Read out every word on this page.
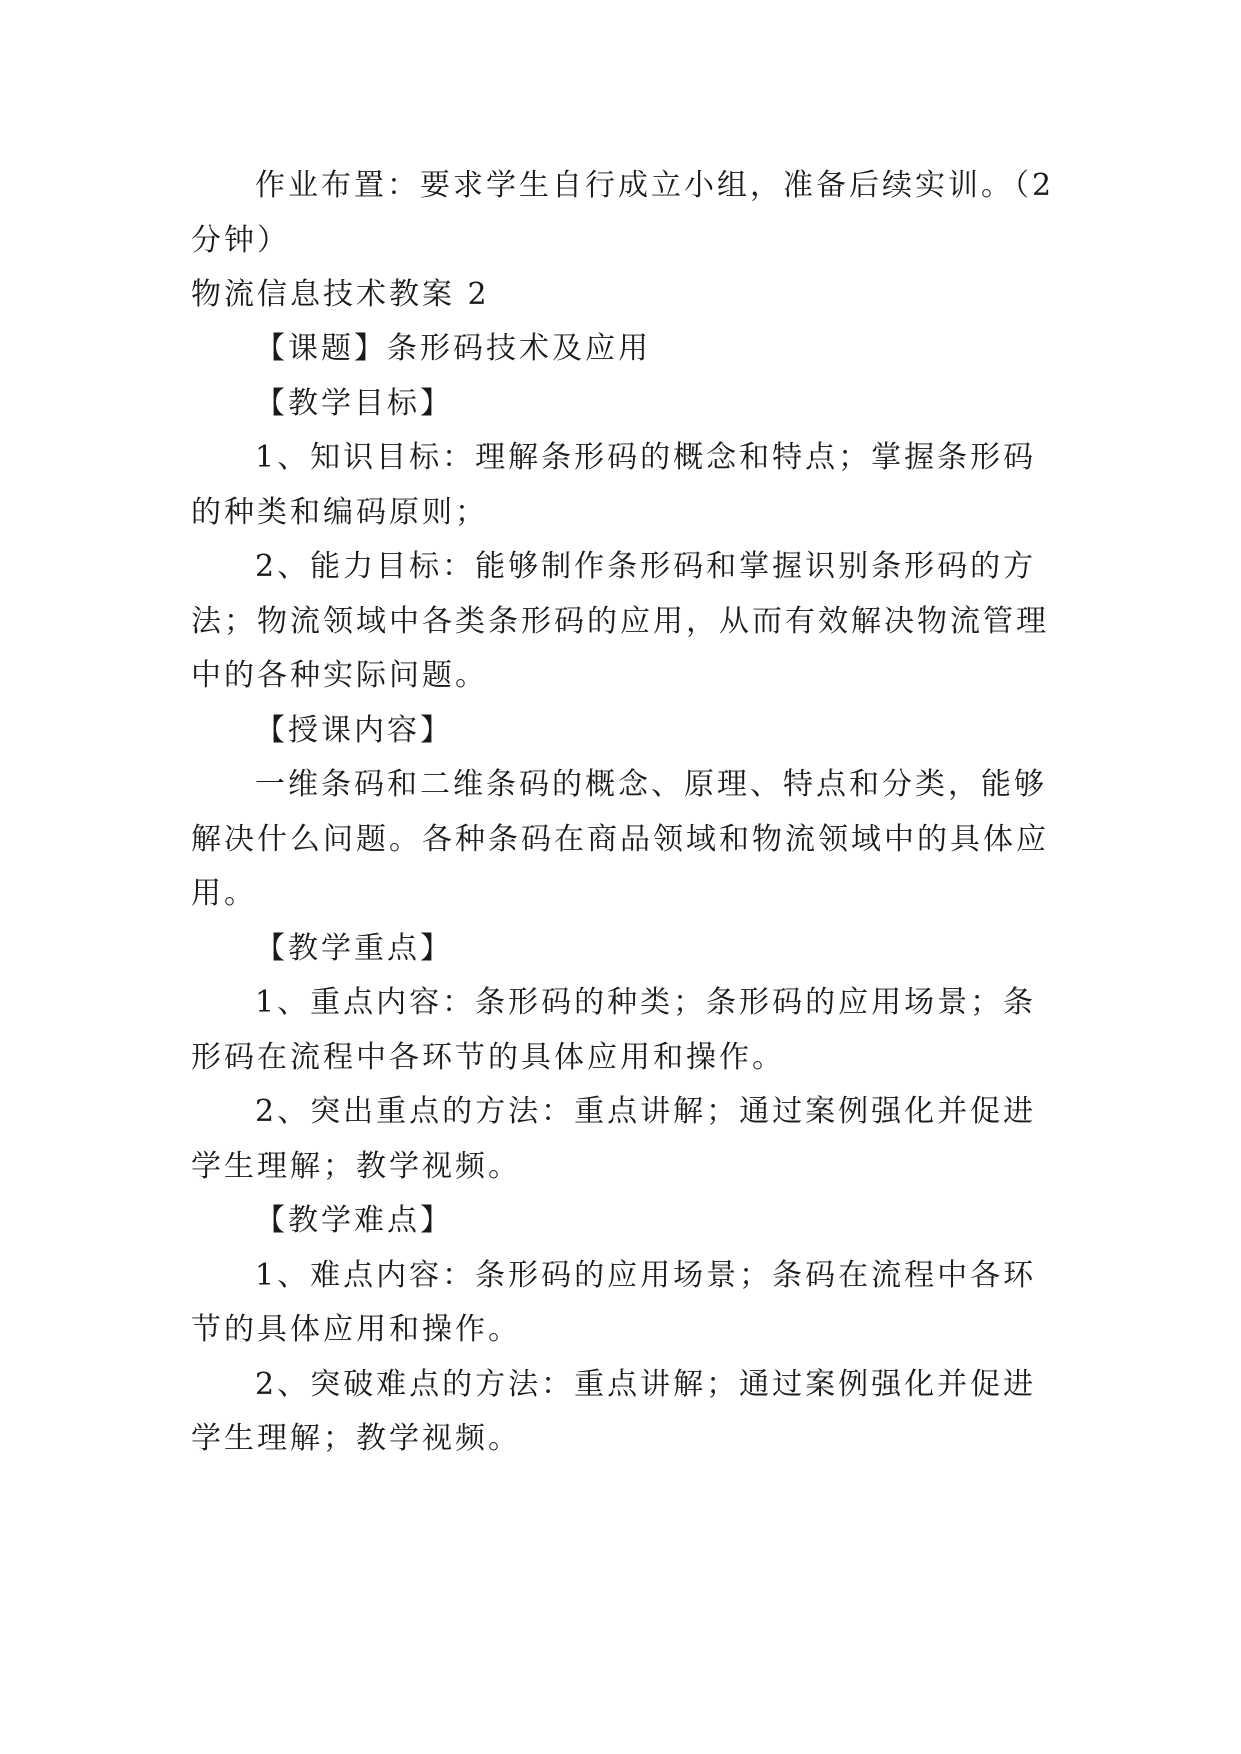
作业布置：要求学生自行成立小组，准备后续实训。（2
分钟）
物流信息技术教案 2
【课题】条形码技术及应用
【教学目标】
1、知识目标：理解条形码的概念和特点；掌握条形码
的种类和编码原则；
2、能力目标：能够制作条形码和掌握识别条形码的方
法；物流领域中各类条形码的应用，从而有效解决物流管理
中的各种实际问题。
【授课内容】
一维条码和二维条码的概念、原理、特点和分类，能够
解决什么问题。各种条码在商品领域和物流领域中的具体应
用。
【教学重点】
1、重点内容：条形码的种类；条形码的应用场景；条
形码在流程中各环节的具体应用和操作。
2、突出重点的方法：重点讲解；通过案例强化并促进
学生理解；教学视频。
【教学难点】
1、难点内容：条形码的应用场景；条码在流程中各环
节的具体应用和操作。
2、突破难点的方法：重点讲解；通过案例强化并促进
学生理解；教学视频。
